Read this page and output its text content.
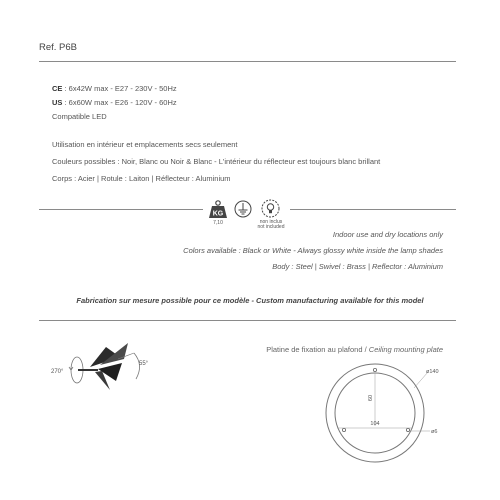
Ref. P6B
CE : 6x42W max - E27 - 230V - 50Hz
US : 6x60W max - E26 - 120V - 60Hz
Compatible LED
Utilisation en intérieur et emplacements secs seulement
Couleurs possibles : Noir, Blanc ou Noir & Blanc - L'intérieur du réflecteur est toujours blanc brillant
Corps : Acier | Rotule : Laiton | Réflecteur : Aluminium
KG
7,10	non inclus
not included
Indoor use and dry locations only
Colors available : Black or White - Always glossy white inside the lamp shades
Body : Steel | Swivel : Brass | Reflector : Aluminium
Fabrication sur mesure possible pour ce modèle - Custom manufacturing available for this model
270°
55°
Platine de fixation au plafond / Ceiling mounting plate
ø140
60
104
ø6
